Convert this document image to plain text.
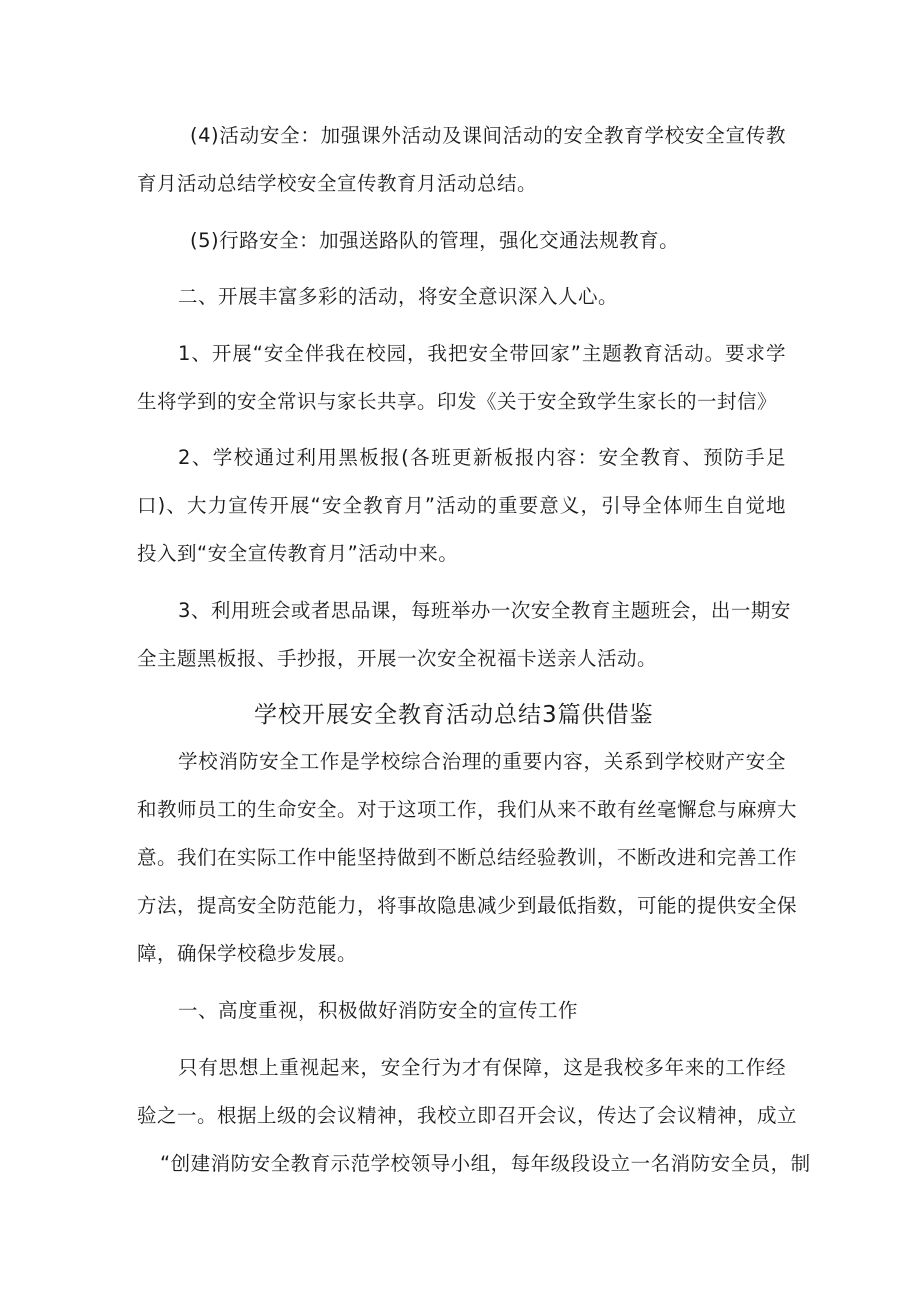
(4)活动安全：加强课外活动及课间活动的安全教育学校安全宣传教
育月活动总结学校安全宣传教育月活动总结。
(5)行路安全：加强送路队的管理，强化交通法规教育。
二、开展丰富多彩的活动，将安全意识深入人心。
1、开展“安全伴我在校园，我把安全带回家”主题教育活动。要求学
生将学到的安全常识与家长共享。印发《关于安全致学生家长的一封信》
2、学校通过利用黑板报(各班更新板报内容：安全教育、预防手足
口)、大力宣传开展“安全教育月”活动的重要意义，引导全体师生自觉地
投入到“安全宣传教育月”活动中来。
3、利用班会或者思品课，每班举办一次安全教育主题班会，出一期安
全主题黑板报、手抄报，开展一次安全祝福卡送亲人活动。
学校开展安全教育活动总结3篇供借鉴
学校消防安全工作是学校综合治理的重要内容，关系到学校财产安全
和教师员工的生命安全。对于这项工作，我们从来不敢有丝毫懈怠与麻痹大
意。我们在实际工作中能坚持做到不断总结经验教训，不断改进和完善工作
方法，提高安全防范能力，将事故隐患减少到最低指数，可能的提供安全保
障，确保学校稳步发展。
一、高度重视，积极做好消防安全的宣传工作
只有思想上重视起来，安全行为才有保障，这是我校多年来的工作经
验之一。根据上级的会议精神，我校立即召开会议，传达了会议精神，成立
“创建消防安全教育示范学校领导小组，每年级段设立一名消防安全员，制
